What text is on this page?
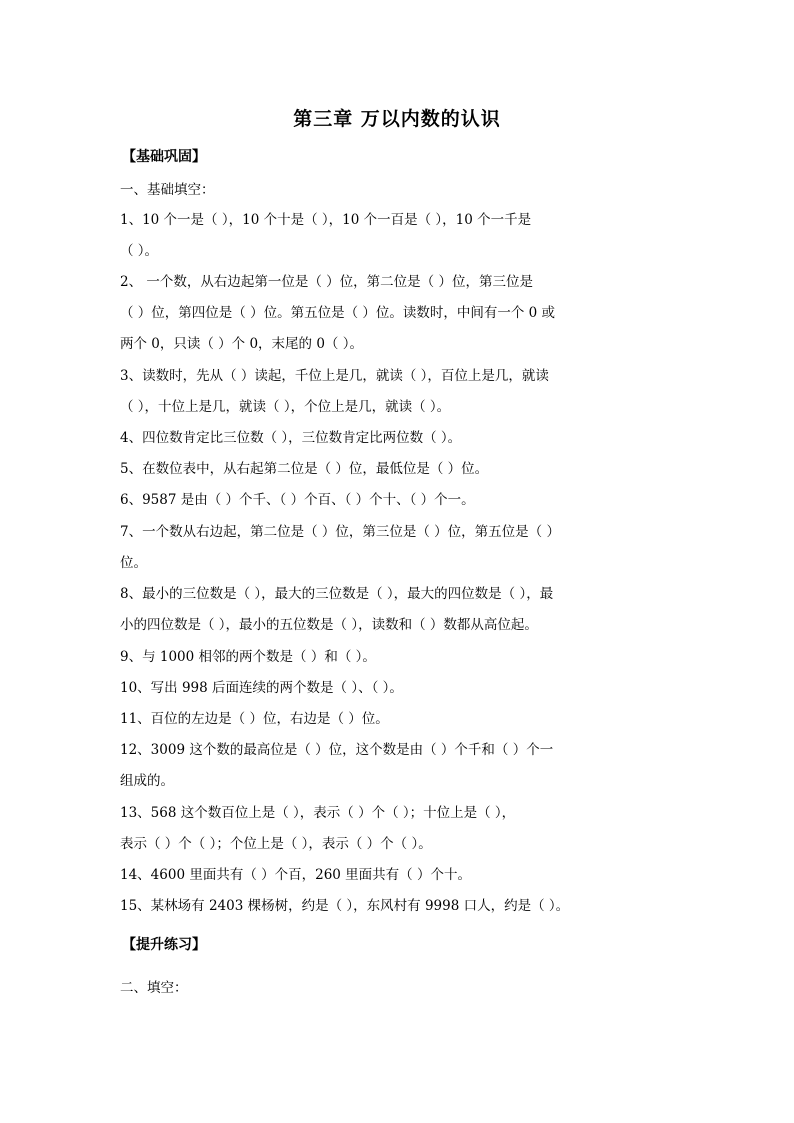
第三章 万以内数的认识
【基础巩固】
一、基础填空：
1、10 个一是（ ），10 个十是（ ），10 个一百是（ ），10 个一千是
（ ）。
2、 一个数，从右边起第一位是（ ）位，第二位是（ ）位，第三位是
（ ）位，第四位是（ ）位。第五位是（ ）位。读数时，中间有一个 0 或
两个 0，只读（ ）个 0，末尾的 0（ ）。
3、读数时，先从（ ）读起，千位上是几，就读（ ），百位上是几，就读
（ ），十位上是几，就读（ ），个位上是几，就读（ ）。
4、四位数肯定比三位数（ ），三位数肯定比两位数（ ）。
5、在数位表中，从右起第二位是（ ）位，最低位是（ ）位。
6、9587 是由（ ）个千、（ ）个百、（ ）个十、（ ）个一。
7、一个数从右边起，第二位是（ ）位，第三位是（ ）位，第五位是（ ）
位。
8、最小的三位数是（ ），最大的三位数是（ ），最大的四位数是（ ），最
小的四位数是（ ），最小的五位数是（ ），读数和（ ）数都从高位起。
9、与 1000 相邻的两个数是（ ）和（ ）。
10、写出 998 后面连续的两个数是（ ）、（ ）。
11、百位的左边是（ ）位，右边是（ ）位。
12、3009 这个数的最高位是（ ）位，这个数是由（ ）个千和（ ）个一
组成的。
13、568 这个数百位上是（ ），表示（ ）个（ ）；十位上是（ ），
表示（ ）个（ ）；个位上是（ ），表示（ ）个（ ）。
14、4600 里面共有（ ）个百，260 里面共有（ ）个十。
15、某林场有 2403 棵杨树，约是（ ），东风村有 9998 口人，约是（ ）。
【提升练习】
二、填空：
